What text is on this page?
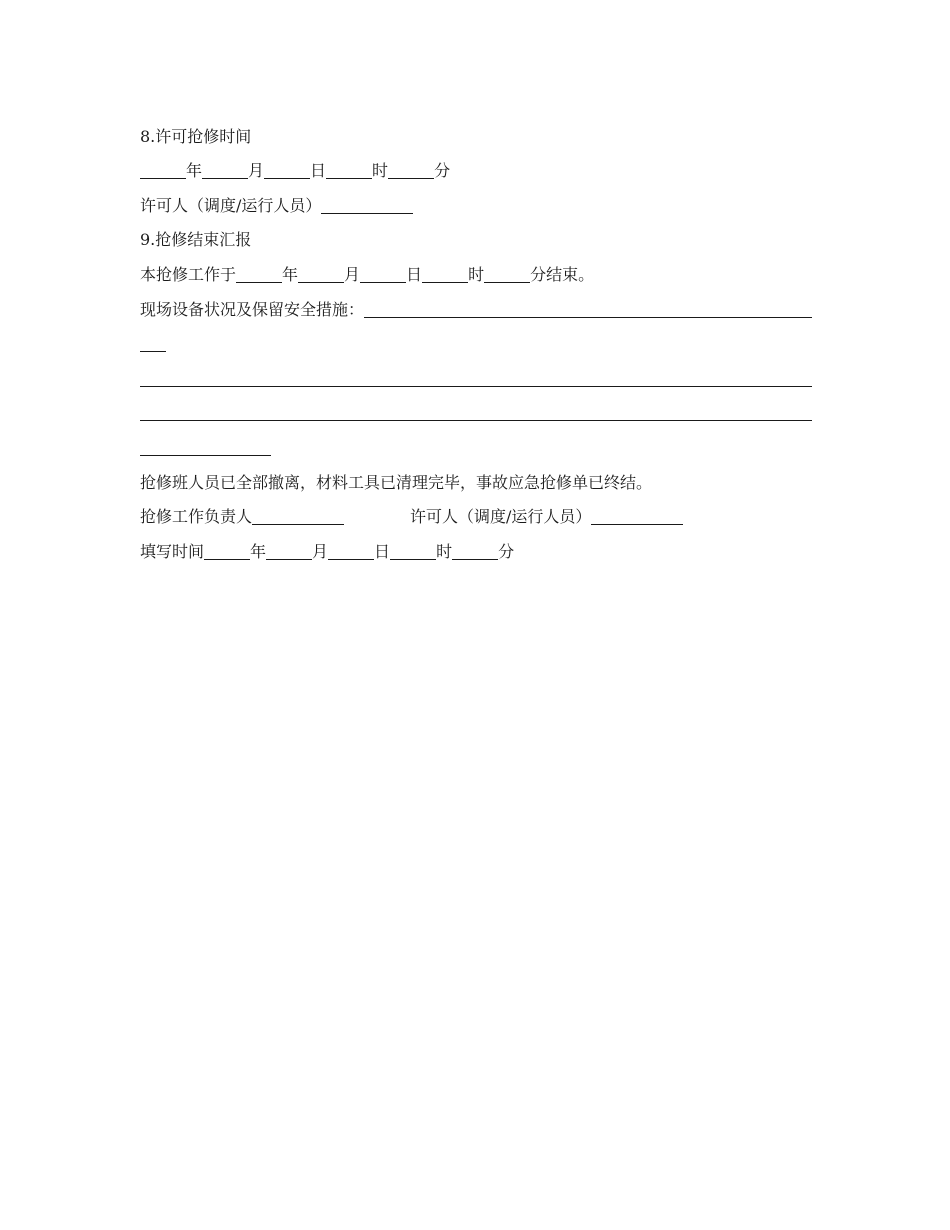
8.许可抢修时间
年	月	日	时	分
许可人（调度/运行人员）
9.抢修结束汇报
本抢修工作于	年	月	日	时	分结束。
现场设备状况及保留安全措施：
抢修班人员已全部撤离，材料工具已清理完毕，事故应急抢修单已终结。
抢修工作负责人	许可人（调度/运行人员）
填写时间	年	月	日	时	分
